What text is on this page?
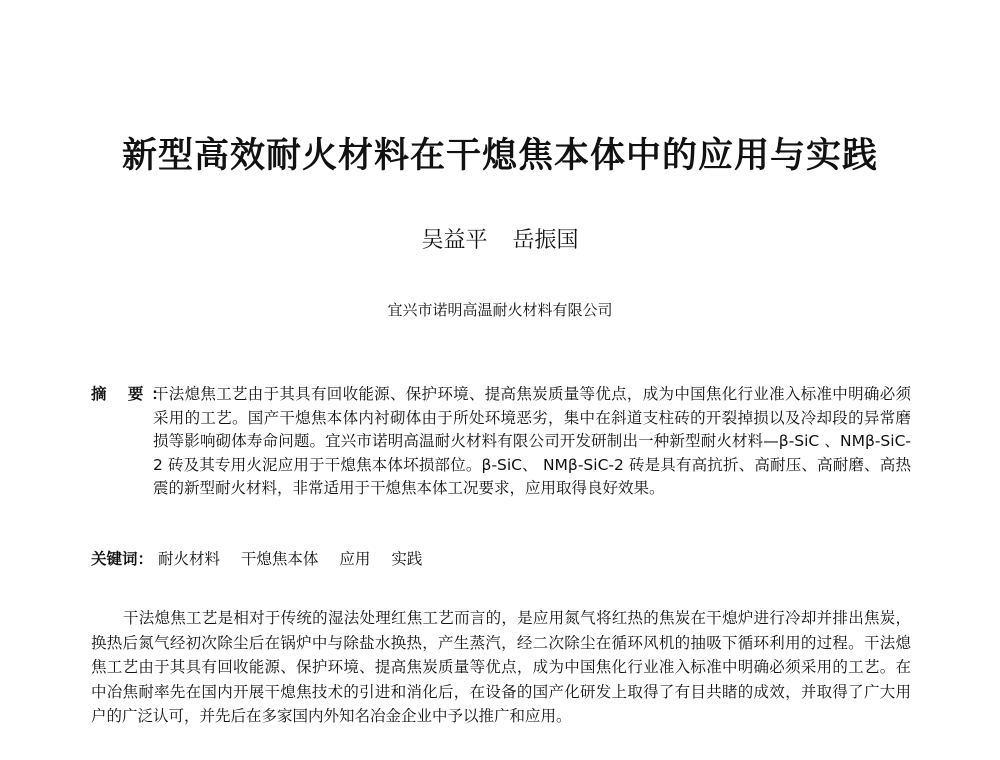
新型高效耐火材料在干熄焦本体中的应用与实践

吴益平 岳振国

宜兴市诺明高温耐火材料有限公司

摘 要：

干法熄焦工艺由于其具有回收能源、保护环境、提高焦炭质量等优点，成为中国焦化行业准入标准中明确必须采用的工艺。国产干熄焦本体内衬砌体由于所处环境恶劣，集中在斜道支柱砖的开裂掉损以及冷却段的异常磨损等影响砌体寿命问题。宜兴市诺明高温耐火材料有限公司开发研制出一种新型耐火材料—β-SiC 、NMβ-SiC-2 砖及其专用火泥应用于干熄焦本体坏损部位。β-SiC、 NMβ-SiC-2 砖是具有高抗折、高耐压、高耐磨、高热震的新型耐火材料，非常适用于干熄焦本体工况要求，应用取得良好效果。

关键词： 耐火材料 干熄焦本体 应用 实践

干法熄焦工艺是相对于传统的湿法处理红焦工艺而言的，是应用氮气将红热的焦炭在干熄炉进行冷却并排出焦炭，换热后氮气经初次除尘后在锅炉中与除盐水换热，产生蒸汽，经二次除尘在循环风机的抽吸下循环利用的过程。干法熄焦工艺由于其具有回收能源、保护环境、提高焦炭质量等优点，成为中国焦化行业准入标准中明确必须采用的工艺。在中冶焦耐率先在国内开展干熄焦技术的引进和消化后，在设备的国产化研发上取得了有目共睹的成效，并取得了广大用户的广泛认可，并先后在多家国内外知名冶金企业中予以推广和应用。
